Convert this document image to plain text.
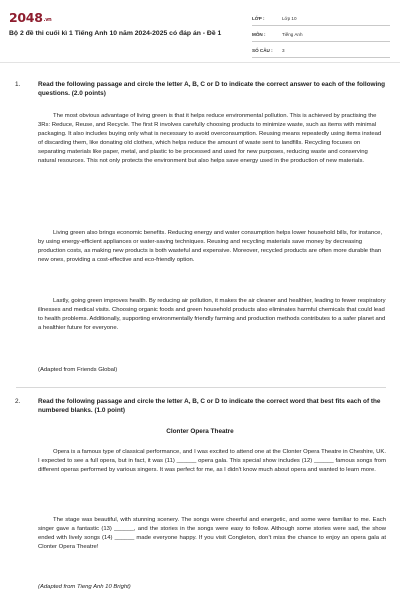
2048.vn
Bộ 2 đề thi cuối kì 1 Tiếng Anh 10 năm 2024-2025 có đáp án - Đề 1
LỚP :	Lớp 10
MÔN :	Tiếng Anh
SỐ CÂU :	3
1.	Read the following passage and circle the letter A, B, C or D to indicate the correct answer to each of the following questions. (2.0 points)

The most obvious advantage of living green is that it helps reduce environmental pollution. This is achieved by practising the 3Rs: Reduce, Reuse, and Recycle. The first R involves carefully choosing products to minimize waste, such as items with minimal packaging. It also includes buying only what is necessary to avoid overconsumption. Reusing means repeatedly using items instead of discarding them, like donating old clothes, which helps reduce the amount of waste sent to landfills. Recycling focuses on separating materials like paper, metal, and plastic to be processed and used for new purposes, reducing waste and conserving natural resources. This not only protects the environment but also helps save energy used in the production of new materials.

Living green also brings economic benefits. Reducing energy and water consumption helps lower household bills, for instance, by using energy-efficient appliances or water-saving techniques. Reusing and recycling materials save money by decreasing production costs, as making new products is both wasteful and expensive. Moreover, recycled products are often more durable than new ones, providing a cost-effective and eco-friendly option.

Lastly, going green improves health. By reducing air pollution, it makes the air cleaner and healthier, leading to fewer respiratory illnesses and medical visits. Choosing organic foods and green household products also eliminates harmful chemicals that could lead to health problems. Additionally, supporting environmentally friendly farming and production methods contributes to a safer planet and a healthier future for everyone.

(Adapted from Friends Global)
2.	Read the following passage and circle the letter A, B, C or D to indicate the correct word that best fits each of the numbered blanks. (1.0 point)
Clonter Opera Theatre

Opera is a famous type of classical performance, and I was excited to attend one at the Clonter Opera Theatre in Cheshire, UK. I expected to see a full opera, but in fact, it was (11) ______ opera gala. This special show includes (12) ______ famous songs from different operas performed by various singers. It was perfect for me, as I didn't know much about opera and wanted to learn more.

The stage was beautiful, with stunning scenery. The songs were cheerful and energetic, and some were familiar to me. Each singer gave a fantastic (13) ______, and the stories in the songs were easy to follow. Although some stories were sad, the show ended with lively songs (14) ______ made everyone happy. If you visit Congleton, don't miss the chance to enjoy an opera gala at Clonter Opera Theatre!

(Adapted from Tieng Anh 10 Bright)
